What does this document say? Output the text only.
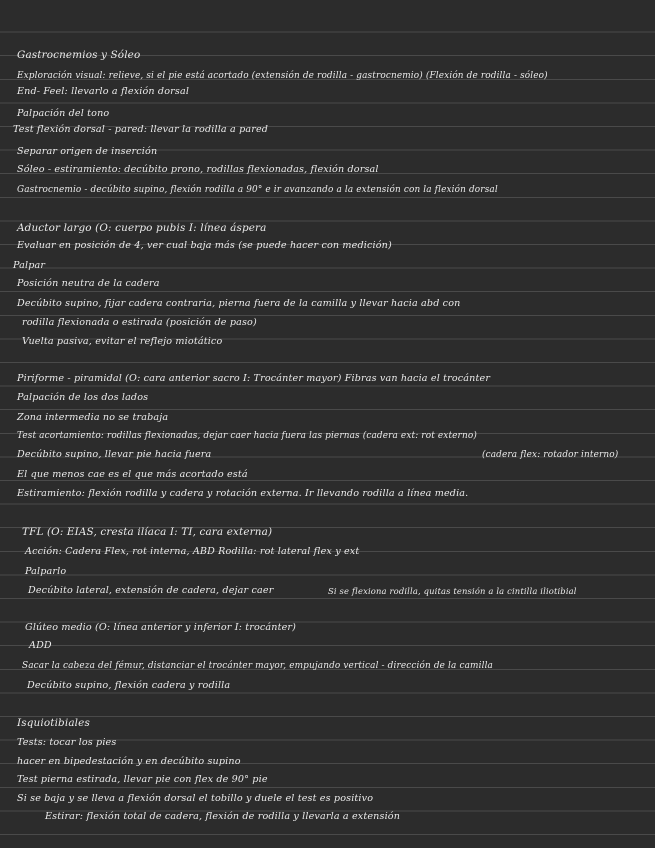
Gastrocnemios y Sóleo
Exploración visual: relieve, si el pie está acortado (extensión de rodilla - gastrocnemio) (Flexión de rodilla - sóleo)
End- Feel: llevarlo a flexión dorsal
Palpación del tono
Test flexión dorsal - pared: llevar la rodilla a pared
Separar origen de inserción
Sóleo - estiramiento: decúbito prono, rodillas flexionadas, flexión dorsal
Gastrocnemio - decúbito supino, flexión rodilla a 90° e ir avanzando a la extensión con la flexión dorsal
Aductor largo (O: cuerpo pubis I: línea áspera
Evaluar en posición de 4, ver cual baja más (se puede hacer con medición)
Palpar
Posición neutra de la cadera
Decúbito supino, fijar cadera contraria, pierna fuera de la camilla y llevar hacia abd con
rodilla flexionada o estirada (posición de paso)
Vuelta pasiva, evitar el reflejo miotático
Piriforme - piramidal (O: cara anterior sacro I: Trocánter mayor) Fibras van hacia el trocánter
Palpación de los dos lados
Zona intermedia no se trabaja
Test acortamiento: rodillas flexionadas, dejar caer hacia fuera las piernas (cadera ext: rot externo)
Decúbito supino, llevar pie hacia fuera	(cadera flex: rotador interno)
El que menos cae es el que más acortado está
Estiramiento: flexión rodilla y cadera y rotación externa. Ir llevando rodilla a línea media.
TFL (O: EIAS, cresta ilíaca I: TI, cara externa)
Acción: Cadera Flex, rot interna, ABD Rodilla: rot lateral flex y ext
Palparlo
Decúbito lateral, extensión de cadera, dejar caer	Si se flexiona rodilla, quitas tensión a la cintilla iliotibial
Glúteo medio (O: línea anterior y inferior I: trocánter)
ADD
Sacar la cabeza del fémur, distanciar el trocánter mayor, empujando vertical - dirección de la camilla
Decúbito supino, flexión cadera y rodilla
Isquiotibiales
Tests: tocar los pies
hacer en bipedestación y en decúbito supino
Test pierna estirada, llevar pie con flex de 90° pie
Si se baja y se lleva a flexión dorsal el tobillo y duele el test es positivo
Estirar: flexión total de cadera, flexión de rodilla y llevarla a extensión
